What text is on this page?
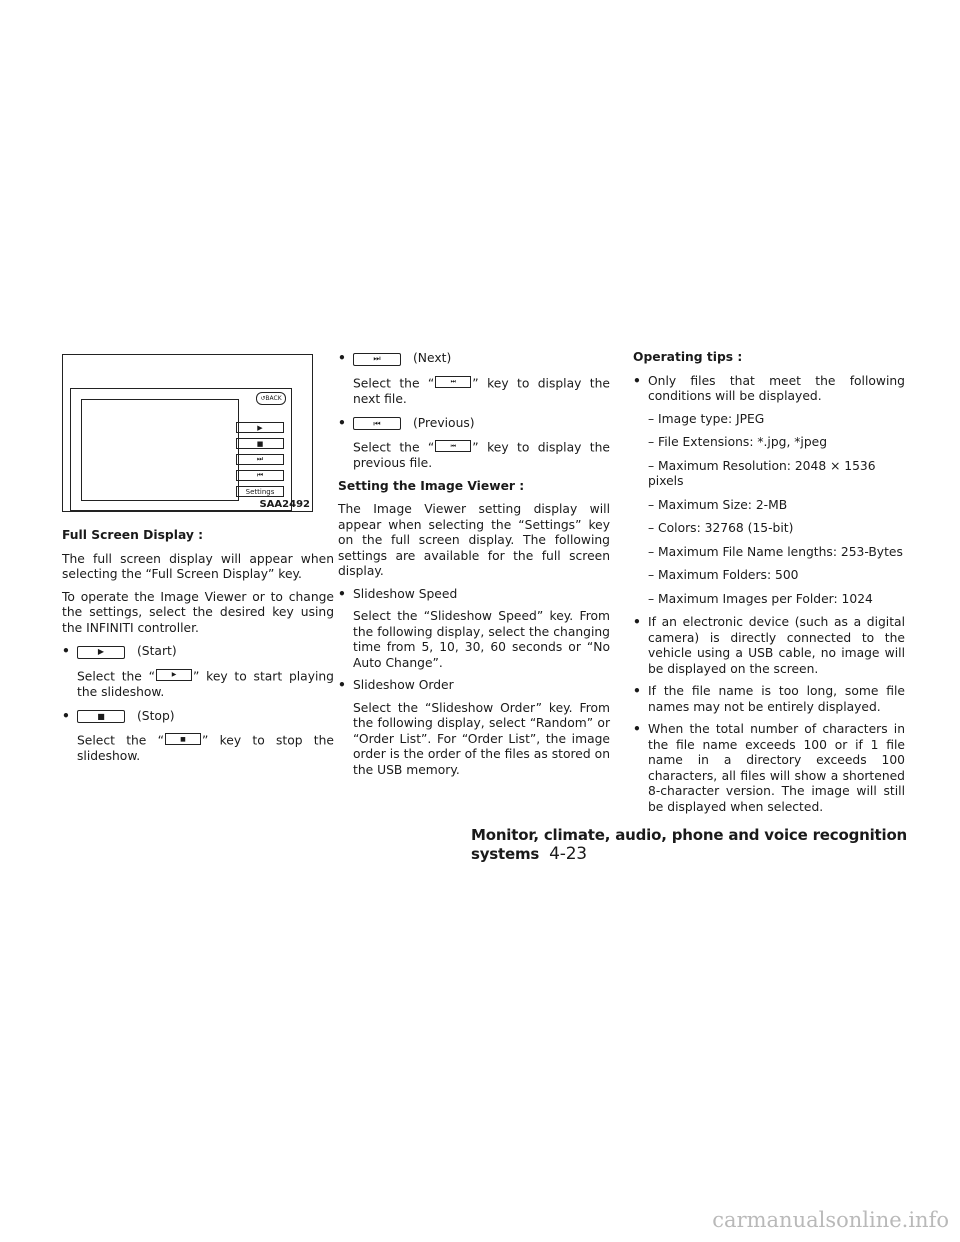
↺ BACK
▶
■
⏭
⏮
Settings
SAA2492

Full Screen Display :

The full screen display will appear when selecting the “Full Screen Display” key.

To operate the Image Viewer or to change the settings, select the desired key using the INFINITI controller.

•	▶	(Start)

Select the “	▶ ” key to start playing the slideshow.

•	■	(Stop)

Select the “	■ ” key to stop the slideshow.

•	⏭	(Next)

Select the “	⏭ ” key to display the next file.

•	⏮	(Previous)

Select the “	⏮ ” key to display the previous file.

Setting the Image Viewer :

The Image Viewer setting display will appear when selecting the “Settings” key on the full screen display. The following settings are available for the full screen display.

• Slideshow Speed

Select the “Slideshow Speed” key. From the following display, select the changing time from 5, 10, 30, 60 seconds or “No Auto Change”.

• Slideshow Order

Select the “Slideshow Order” key. From the following display, select “Random” or “Order List”. For “Order List”, the image order is the order of the files as stored on the USB memory.

Operating tips :

• Only files that meet the following conditions will be displayed.
– Image type: JPEG
– File Extensions: *.jpg, *jpeg
– Maximum Resolution: 2048 × 1536 pixels
– Maximum Size: 2-MB
– Colors: 32768 (15-bit)
– Maximum File Name lengths: 253-Bytes
– Maximum Folders: 500
– Maximum Images per Folder: 1024
• If an electronic device (such as a digital camera) is directly connected to the vehicle using a USB cable, no image will be displayed on the screen.
• If the file name is too long, some file names may not be entirely displayed.
• When the total number of characters in the file name exceeds 100 or if 1 file name in a directory exceeds 100 characters, all files will show a shortened 8-character version. The image will still be displayed when selected.
Monitor, climate, audio, phone and voice recognition systems 4-23
carmanualsonline.info
